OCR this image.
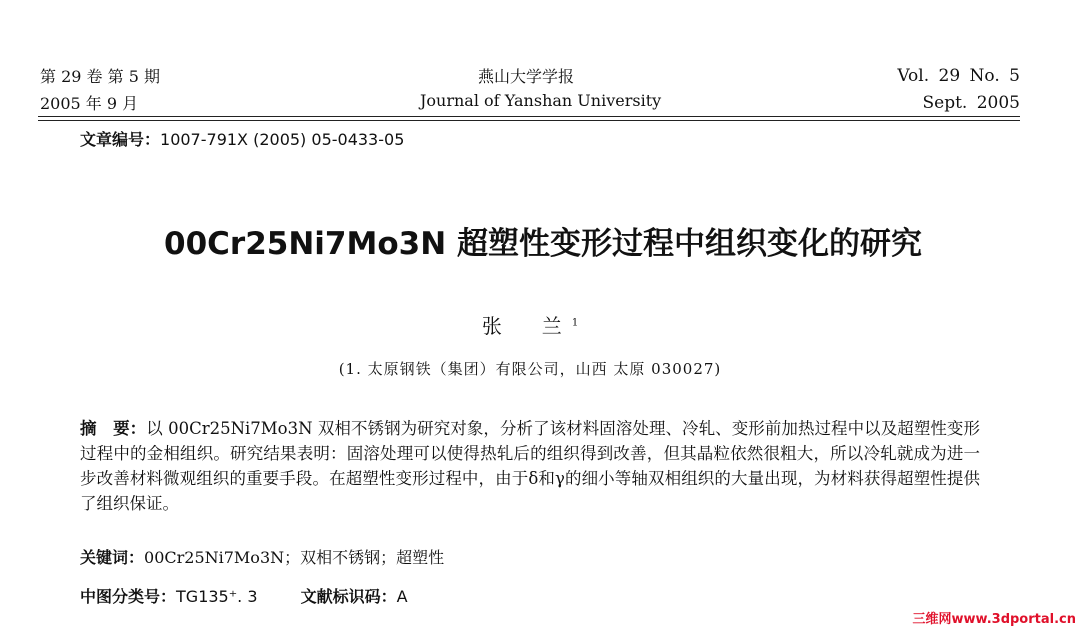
第 29 卷 第 5 期
2005 年 9 月
燕山大学学报
Journal of Yanshan University
Vol. 29 No. 5
Sept. 2005
文章编号：1007-791X (2005) 05-0433-05
00Cr25Ni7Mo3N 超塑性变形过程中组织变化的研究
张　兰$^1$
(1. 太原钢铁（集团）有限公司，山西 太原 030027)
摘　要：以 00Cr25Ni7Mo3N 双相不锈钢为研究对象，分析了该材料固溶处理、冷轧、变形前加热过程中以及超塑性变形过程中的金相组织。研究结果表明：固溶处理可以使得热轧后的组织得到改善，但其晶粒依然很粗大，所以冷轧就成为进一步改善材料微观组织的重要手段。在超塑性变形过程中，由于δ和γ的细小等轴双相组织的大量出现，为材料获得超塑性提供了组织保证。
关键词：00Cr25Ni7Mo3N；双相不锈钢；超塑性
中图分类号：TG135⁺. 3	文献标识码：A
三维网www.3dportal.cn
